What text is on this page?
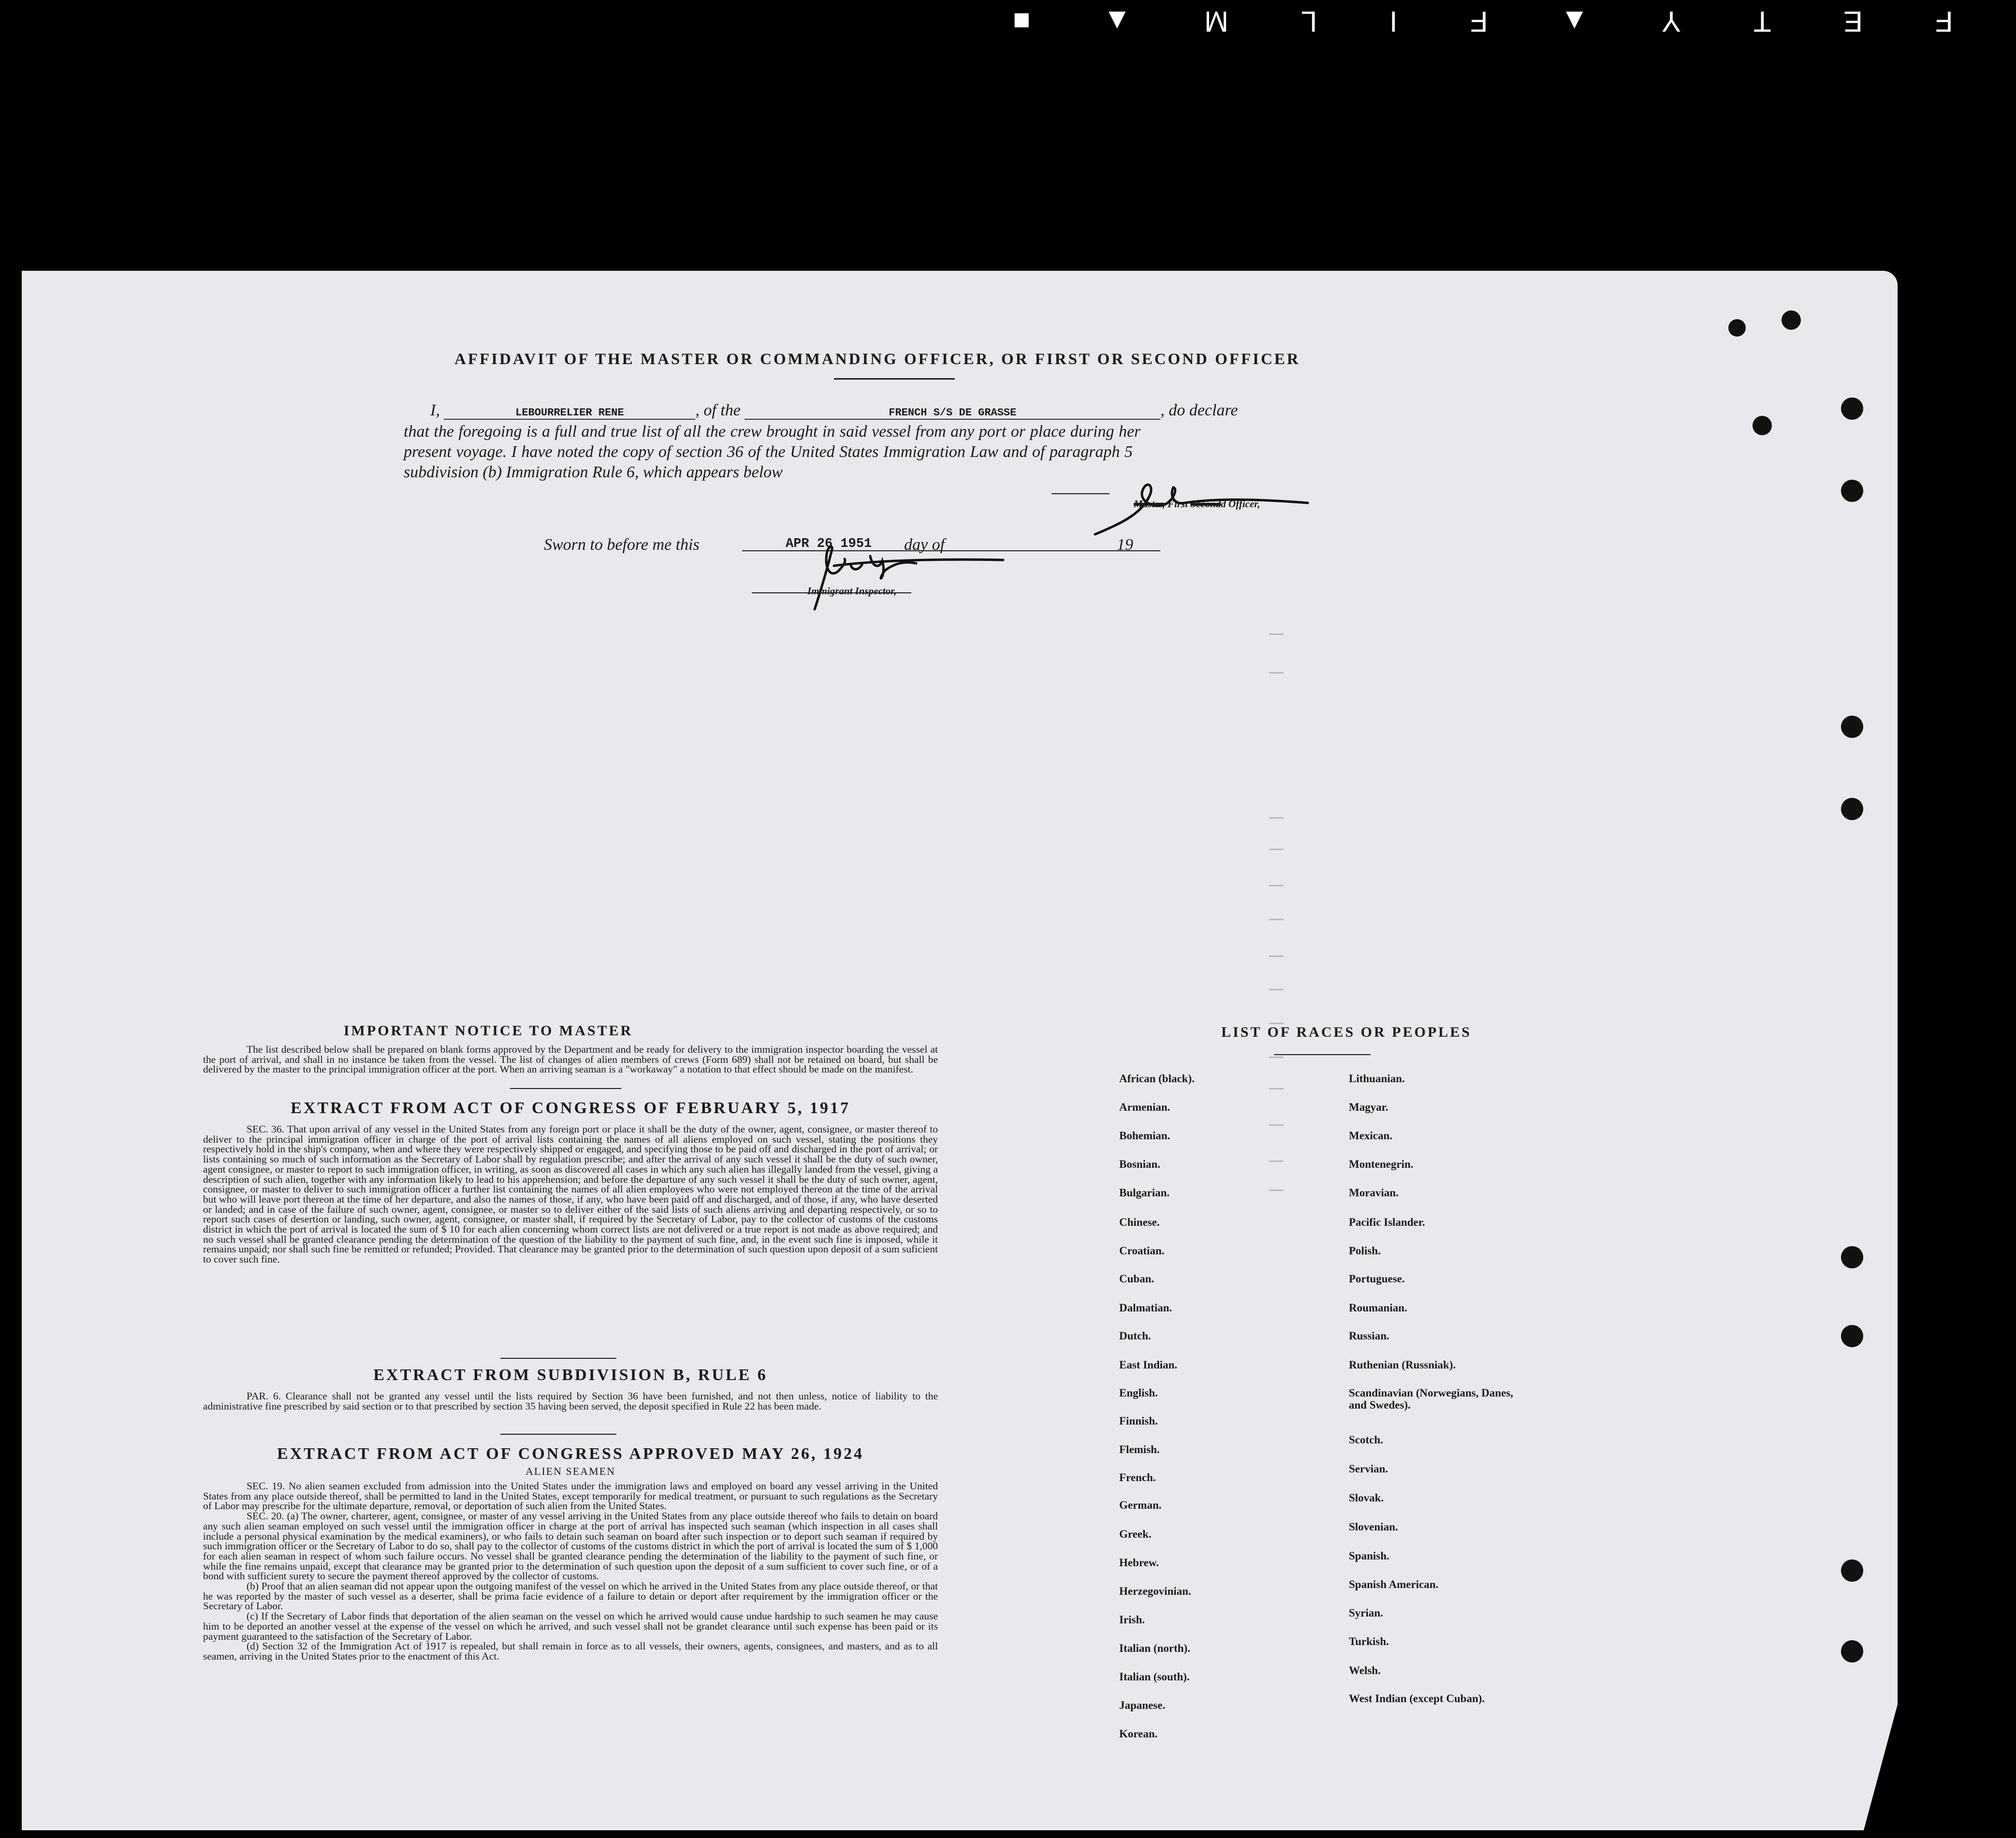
■	▲	M	L	I	F	▲	Y	T	E	F
AFFIDAVIT OF THE MASTER OR COMMANDING OFFICER, OR FIRST OR SECOND OFFICER
I,	LEBOURRELIER RENE	, of the	FRENCH S/S DE GRASSE	, do declare
that the foregoing is a full and true list of all the crew brought in said vessel from any port or place during her
present voyage. I have noted the copy of section 36 of the United States Immigration Law and of paragraph 5
subdivision (b) Immigration Rule 6, which appears below
Master, First Secondd Officer,
Sworn to before me this	APR 26 1951 day of	19
Immigrant Inspector,
IMPORTANT NOTICE TO MASTER

The list described below shall be prepared on blank forms approved by the Department and be ready for delivery to the immigration inspector boarding the vessel at the port of arrival, and shall in no instance be taken from the vessel. The list of changes of alien members of crews (Form 689) shall not be retained on board, but shall be delivered by the master to the principal immigration officer at the port. When an arriving seaman is a "workaway" a notation to that effect should be made on the manifest.

EXTRACT FROM ACT OF CONGRESS OF FEBRUARY 5, 1917

SEC. 36. That upon arrival of any vessel in the United States from any foreign port or place it shall be the duty of the owner, agent, consignee, or master thereof to deliver to the principal immigration officer in charge of the port of arrival lists containing the names of all aliens employed on such vessel, stating the positions they respectively hold in the ship's company, when and where they were respectively shipped or engaged, and specifying those to be paid off and discharged in the port of arrival; or lists containing so much of such information as the Secretary of Labor shall by regulation prescribe; and after the arrival of any such vessel it shall be the duty of such owner, agent consignee, or master to report to such immigration officer, in writing, as soon as discovered all cases in which any such alien has illegally landed from the vessel, giving a description of such alien, together with any information likely to lead to his apprehension; and before the departure of any such vessel it shall be the duty of such owner, agent, consignee, or master to deliver to such immigration officer a further list containing the names of all alien employees who were not employed thereon at the time of the arrival but who will leave port thereon at the time of her departure, and also the names of those, if any, who have been paid off and discharged, and of those, if any, who have deserted or landed; and in case of the failure of such owner, agent, consignee, or master so to deliver either of the said lists of such aliens arriving and departing respectively, or so to report such cases of desertion or landing, such owner, agent, consignee, or master shall, if required by the Secretary of Labor, pay to the collector of customs of the customs district in which the port of arrival is located the sum of $ 10 for each alien concerning whom correct lists are not delivered or a true report is not made as above required; and no such vessel shall be granted clearance pending the determination of the question of the liability to the payment of such fine, and, in the event such fine is imposed, while it remains unpaid; nor shall such fine be remitted or refunded; Provided. That clearance may be granted prior to the determination of such question upon deposit of a sum suficient to cover such fine.

EXTRACT FROM SUBDIVISION B, RULE 6

PAR. 6. Clearance shall not be granted any vessel until the lists required by Section 36 have been furnished, and not then unless, notice of liability to the administrative fine prescribed by said section or to that prescribed by section 35 having been served, the deposit specified in Rule 22 has been made.

EXTRACT FROM ACT OF CONGRESS APPROVED MAY 26, 1924
ALIEN SEAMEN

SEC. 19. No alien seamen excluded from admission into the United States under the immigration laws and employed on board any vessel arriving in the United States from any place outside thereof, shall be permitted to land in the United States, except temporarily for medical treatment, or pursuant to such regulations as the Secretary of Labor may prescribe for the ultimate departure, removal, or deportation of such alien from the United States.

SEC. 20. (a) The owner, charterer, agent, consignee, or master of any vessel arriving in the United States from any place outside thereof who fails to detain on board any such alien seaman employed on such vessel until the immigration officer in charge at the port of arrival has inspected such seaman (which inspection in all cases shall include a personal physical examination by the medical examiners), or who fails to detain such seaman on board after such inspection or to deport such seaman if required by such immigration officer or the Secretary of Labor to do so, shall pay to the collector of customs of the customs district in which the port of arrival is located the sum of $ 1,000 for each alien seaman in respect of whom such failure occurs. No vessel shall be granted clearance pending the determination of the liability to the payment of such fine, or while the fine remains unpaid, except that clearance may be granted prior to the determination of such question upon the deposit of a sum sufficient to cover such fine, or of a bond with sufficient surety to secure the payment thereof approved by the collector of customs.

(b) Proof that an alien seaman did not appear upon the outgoing manifest of the vessel on which he arrived in the United States from any place outside thereof, or that he was reported by the master of such vessel as a deserter, shall be prima facie evidence of a failure to detain or deport after requirement by the immigration officer or the Secretary of Labor.

(c) If the Secretary of Labor finds that deportation of the alien seaman on the vessel on which he arrived would cause undue hardship to such seamen he may cause him to be deported an another vessel at the expense of the vessel on which he arrived, and such vessel shall not be grandet clearance until such expense has been paid or its payment guaranteed to the satisfaction of the Secretary of Labor.

(d) Section 32 of the Immigration Act of 1917 is repealed, but shall remain in force as to all vessels, their owners, agents, consignees, and masters, and as to all seamen, arriving in the United States prior to the enactment of this Act.

LIST OF RACES OR PEOPLES
African (black).
Armenian.
Bohemian.
Bosnian.
Bulgarian.
Chinese.
Croatian.
Cuban.
Dalmatian.
Dutch.
East Indian.
English.
Finnish.
Flemish.
French.
German.
Greek.
Hebrew.
Herzegovinian.
Irish.
Italian (north).
Italian (south).
Japanese.
Korean.
Lithuanian.
Magyar.
Mexican.
Montenegrin.
Moravian.
Pacific Islander.
Polish.
Portuguese.
Roumanian.
Russian.
Ruthenian (Russniak).
Scandinavian (Norwegians, Danes, and Swedes).
Scotch.
Servian.
Slovak.
Slovenian.
Spanish.
Spanish American.
Syrian.
Turkish.
Welsh.
West Indian (except Cuban).
